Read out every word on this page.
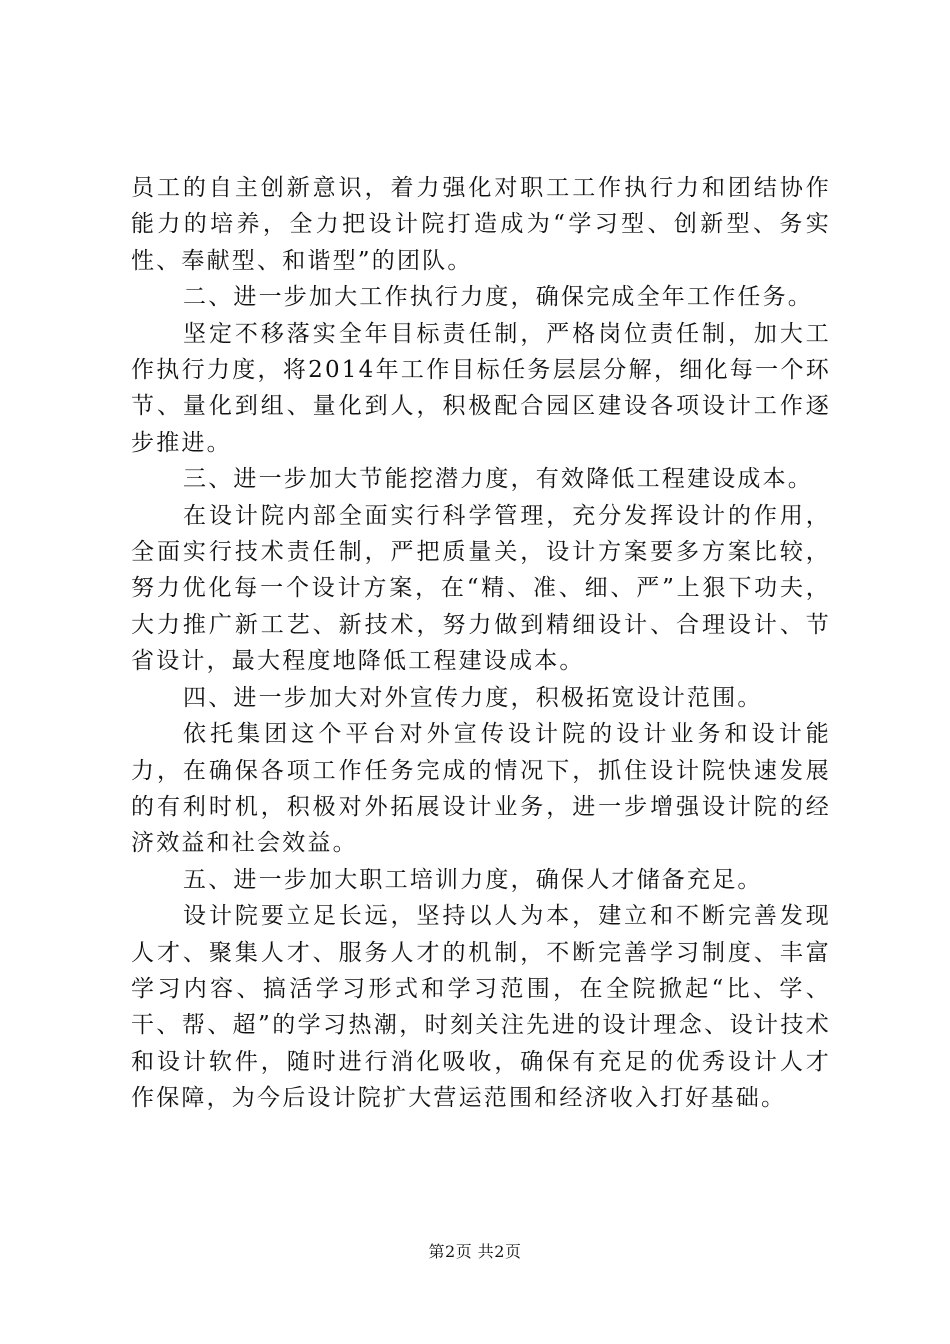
员工的自主创新意识，着力强化对职工工作执行力和团结协作能力的培养，全力把设计院打造成为“学习型、创新型、务实性、奉献型、和谐型”的团队。

二、进一步加大工作执行力度，确保完成全年工作任务。

坚定不移落实全年目标责任制，严格岗位责任制，加大工作执行力度，将2014年工作目标任务层层分解，细化每一个环节、量化到组、量化到人，积极配合园区建设各项设计工作逐步推进。

三、进一步加大节能挖潜力度，有效降低工程建设成本。

在设计院内部全面实行科学管理，充分发挥设计的作用，全面实行技术责任制，严把质量关，设计方案要多方案比较，努力优化每一个设计方案，在“精、准、细、严”上狠下功夫，大力推广新工艺、新技术，努力做到精细设计、合理设计、节省设计，最大程度地降低工程建设成本。

四、进一步加大对外宣传力度，积极拓宽设计范围。

依托集团这个平台对外宣传设计院的设计业务和设计能力，在确保各项工作任务完成的情况下，抓住设计院快速发展的有利时机，积极对外拓展设计业务，进一步增强设计院的经济效益和社会效益。

五、进一步加大职工培训力度，确保人才储备充足。

设计院要立足长远，坚持以人为本，建立和不断完善发现人才、聚集人才、服务人才的机制，不断完善学习制度、丰富学习内容、搞活学习形式和学习范围，在全院掀起“比、学、干、帮、超”的学习热潮，时刻关注先进的设计理念、设计技术和设计软件，随时进行消化吸收，确保有充足的优秀设计人才作保障，为今后设计院扩大营运范围和经济收入打好基础。

第2页 共2页
